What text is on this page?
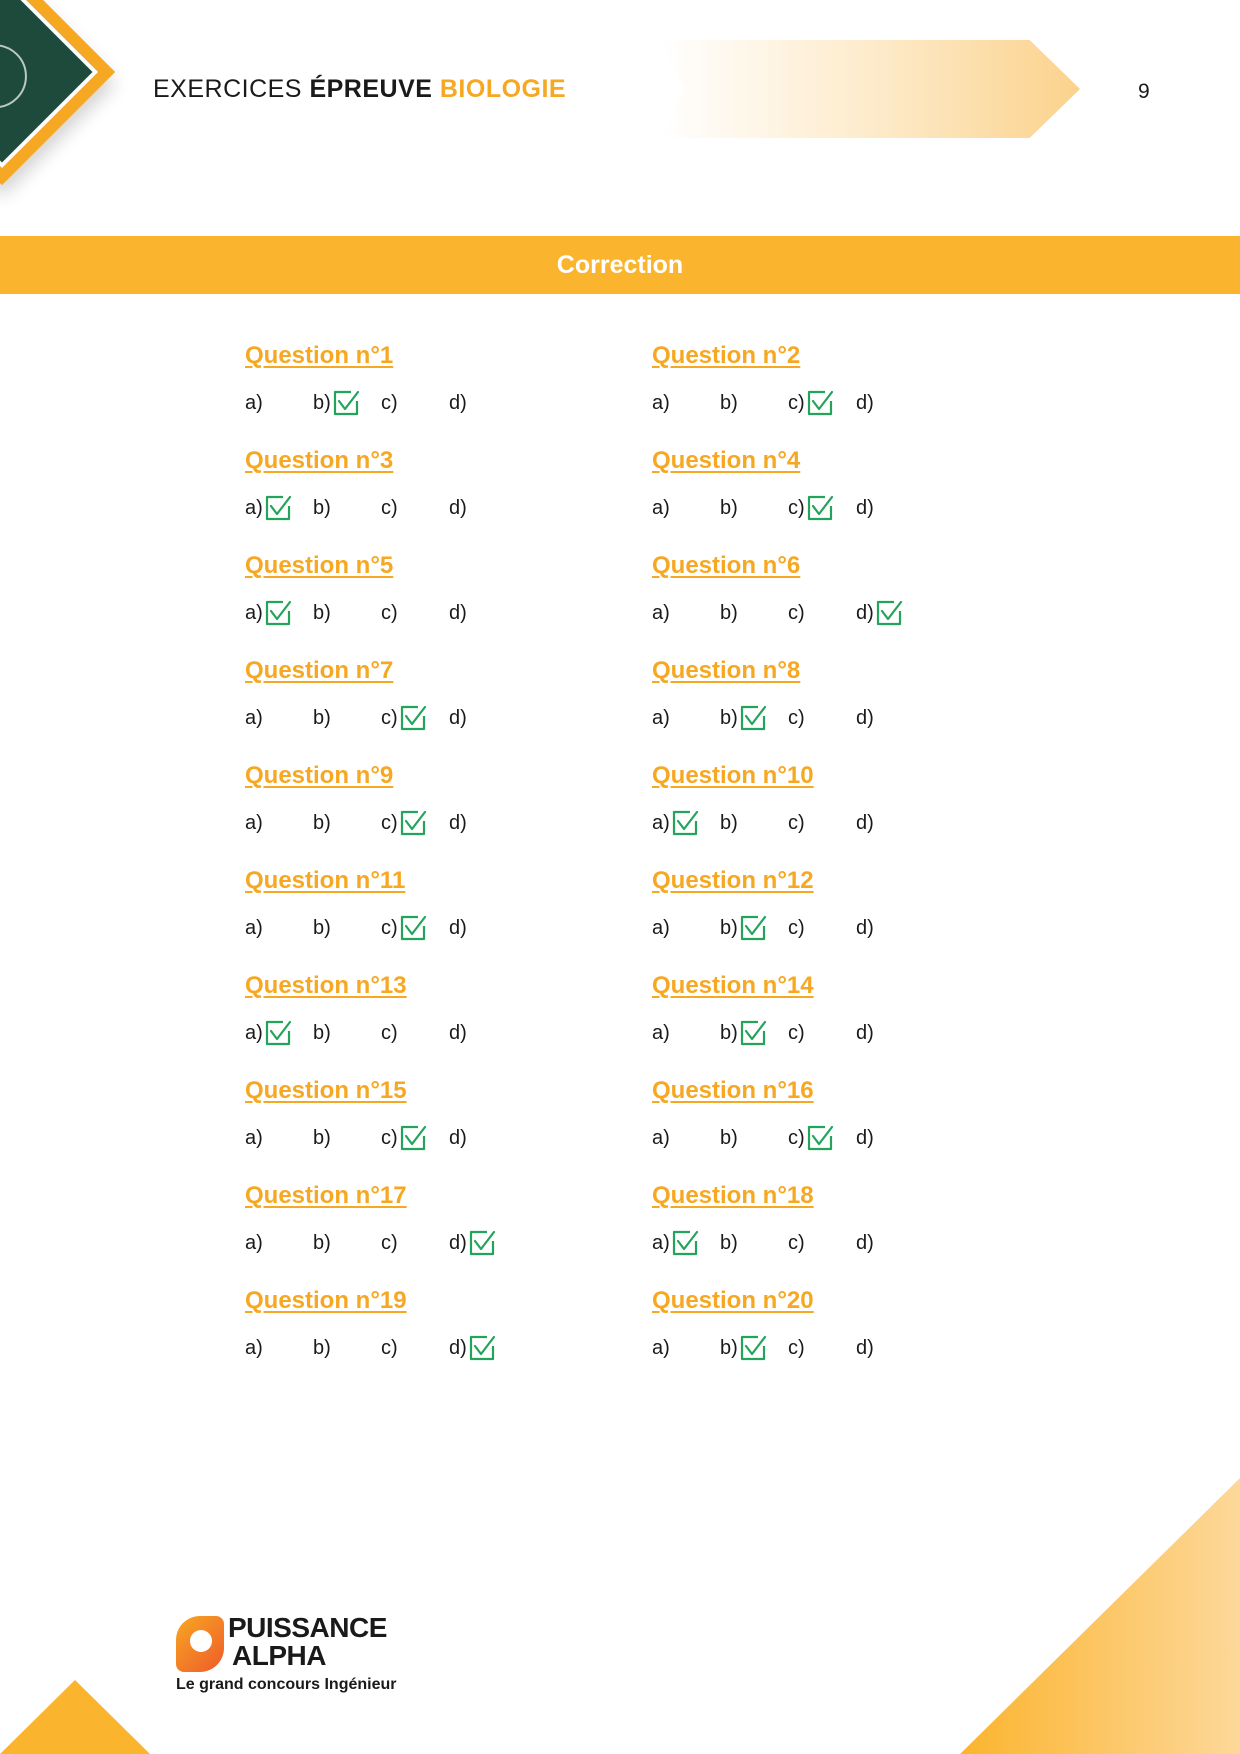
EXERCICES ÉPREUVE BIOLOGIE	9
Correction
Question n°1
a)	b)	c)	d)
Question n°2
a)	b)	c)	d)
Question n°3
a)	b)	c)	d)
Question n°4
a)	b)	c)	d)
Question n°5
a)	b)	c)	d)
Question n°6
a)	b)	c)	d)
Question n°7
a)	b)	c)	d)
Question n°8
a)	b)	c)	d)
Question n°9
a)	b)	c)	d)
Question n°10
a)	b)	c)	d)
Question n°11
a)	b)	c)	d)
Question n°12
a)	b)	c)	d)
Question n°13
a)	b)	c)	d)
Question n°14
a)	b)	c)	d)
Question n°15
a)	b)	c)	d)
Question n°16
a)	b)	c)	d)
Question n°17
a)	b)	c)	d)
Question n°18
a)	b)	c)	d)
Question n°19
a)	b)	c)	d)
Question n°20
a)	b)	c)	d)
PUISSANCE
ALPHA
Le grand concours Ingénieur
